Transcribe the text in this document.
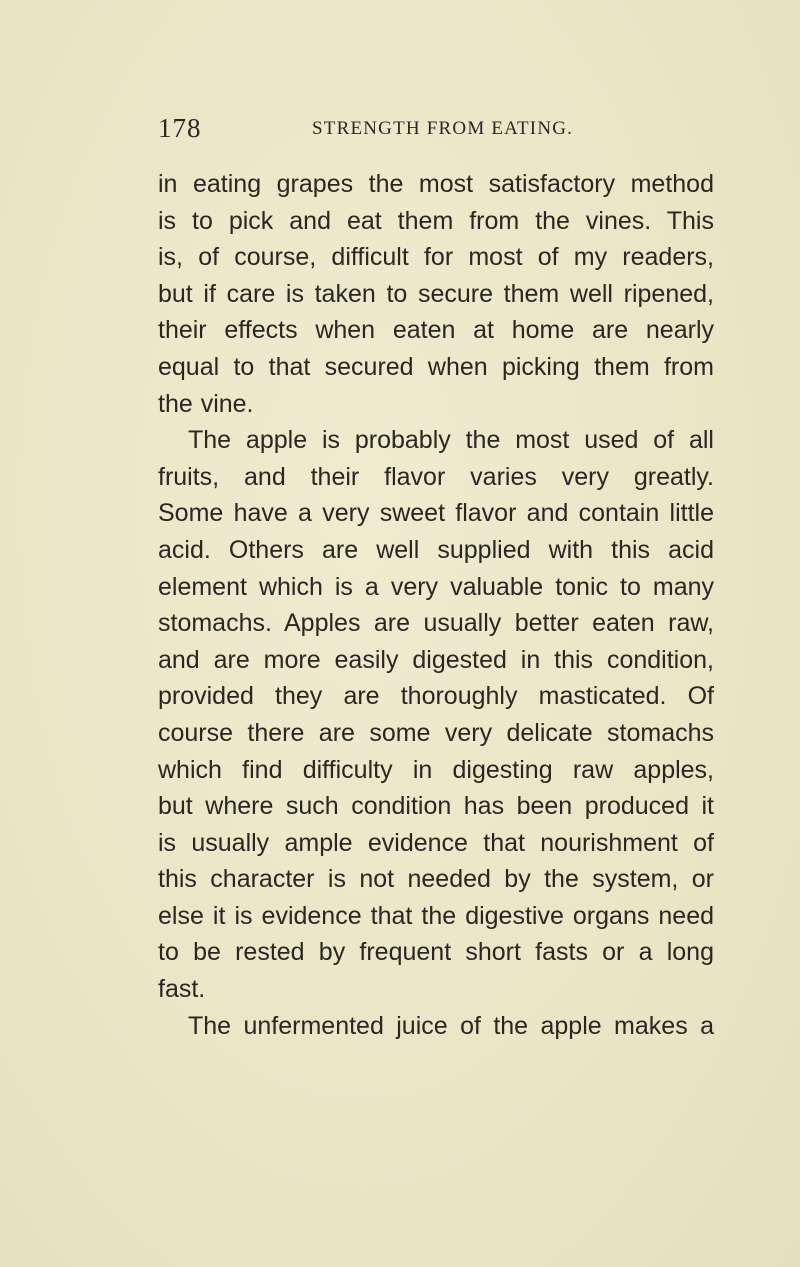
178	STRENGTH FROM EATING.
in eating grapes the most satisfactory method
is to pick and eat them from the vines. This
is, of course, difficult for most of my readers,
but if care is taken to secure them well ripened,
their effects when eaten at home are nearly
equal to that secured when picking them from
the vine.
The apple is probably the most used of all
fruits, and their flavor varies very greatly.
Some have a very sweet flavor and contain little
acid. Others are well supplied with this acid
element which is a very valuable tonic to many
stomachs. Apples are usually better eaten raw,
and are more easily digested in this condition,
provided they are thoroughly masticated. Of
course there are some very delicate stomachs
which find difficulty in digesting raw apples,
but where such condition has been produced it
is usually ample evidence that nourishment of
this character is not needed by the system, or
else it is evidence that the digestive organs need
to be rested by frequent short fasts or a long
fast.
The unfermented juice of the apple makes a
